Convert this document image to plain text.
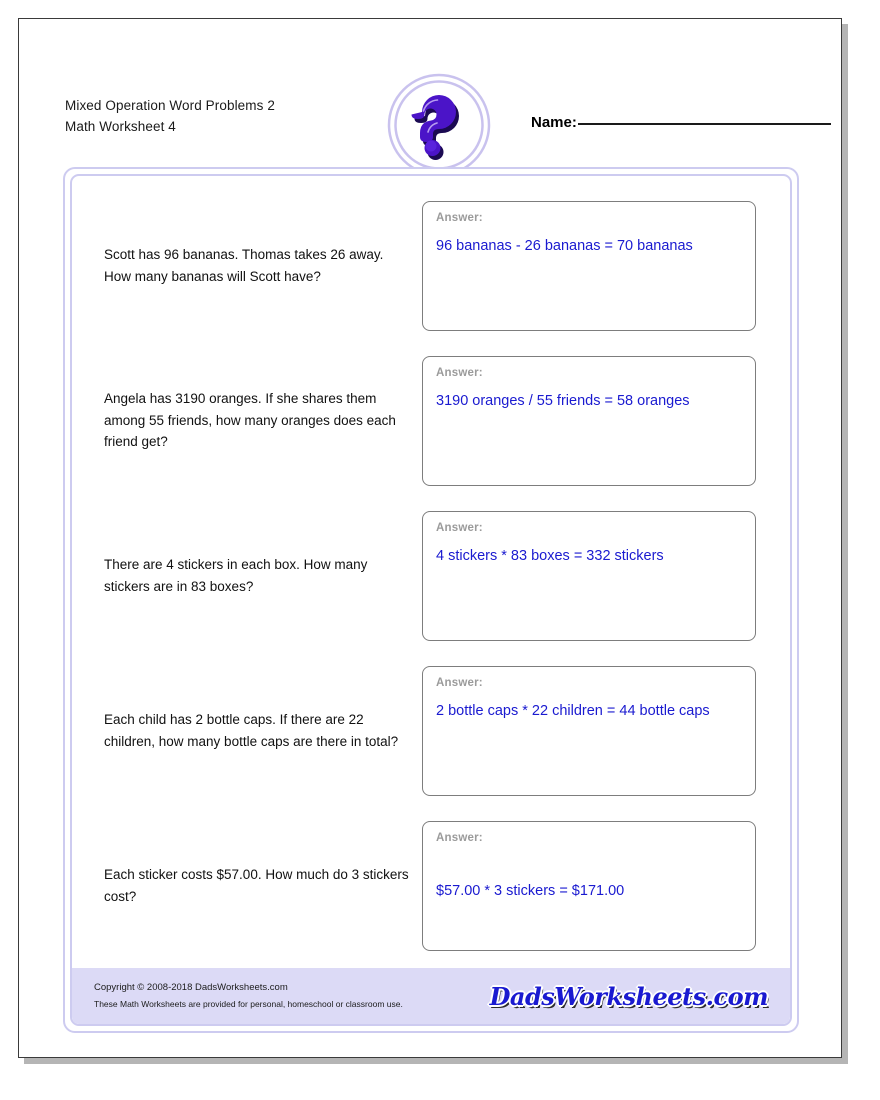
Mixed Operation Word Problems 2
Math Worksheet 4	Name:
Scott has 96 bananas. Thomas takes 26 away. How many bananas will Scott have?
Answer:
96 bananas - 26 bananas = 70 bananas
Angela has 3190 oranges. If she shares them among 55 friends, how many oranges does each friend get?
Answer:
3190 oranges / 55 friends = 58 oranges
There are 4 stickers in each box. How many stickers are in 83 boxes?
Answer:
4 stickers * 83 boxes = 332 stickers
Each child has 2 bottle caps. If there are 22 children, how many bottle caps are there in total?
Answer:
2 bottle caps * 22 children = 44 bottle caps
Each sticker costs $57.00. How much do 3 stickers cost?
Answer:
$57.00 * 3 stickers = $171.00
Copyright © 2008-2018 DadsWorksheets.com
These Math Worksheets are provided for personal, homeschool or classroom use.	DadsWorksheets.com
